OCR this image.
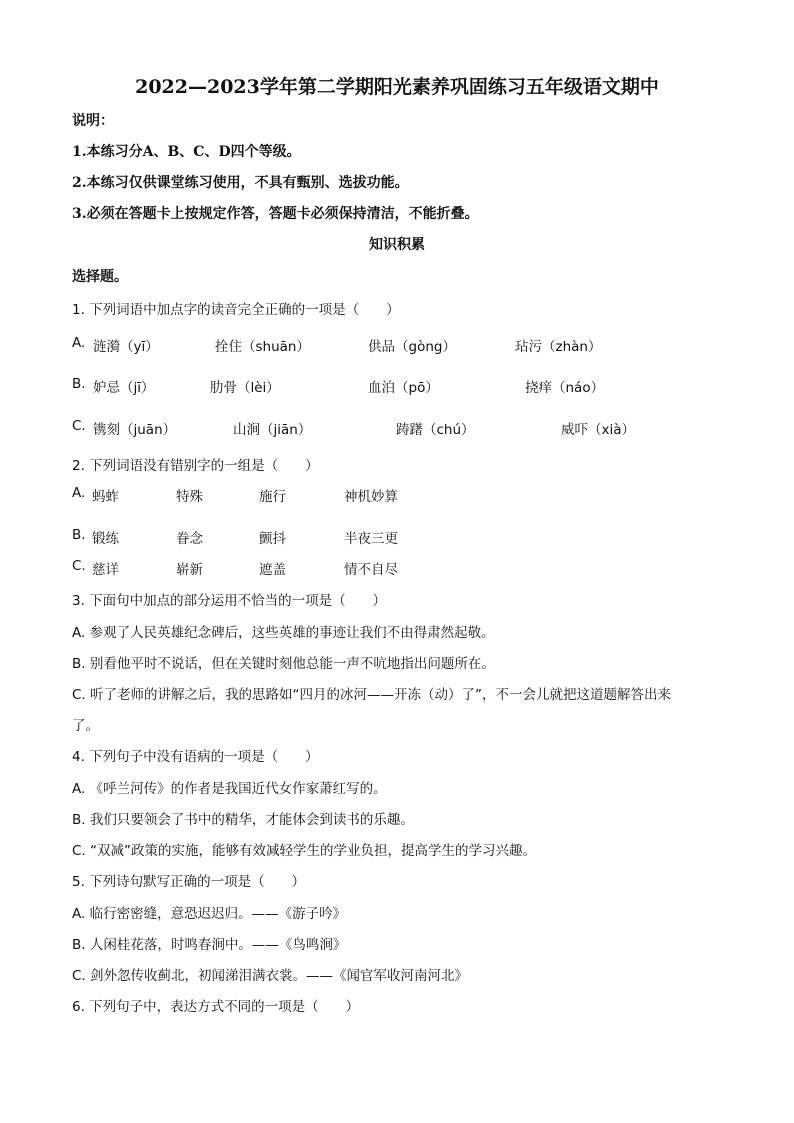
2022—2023学年第二学期阳光素养巩固练习五年级语文期中
说明：
1.本练习分A、B、C、D四个等级。
2.本练习仅供课堂练习使用，不具有甄别、选拔功能。
3.必须在答题卡上按规定作答，答题卡必须保持清洁，不能折叠。
知识积累
选择题。
1. 下列词语中加点字的读音完全正确的一项是（　　）
A. 涟漪（yī）	拴住（shuān）	供品（gòng）	玷污（zhàn）
B. 妒忌（jī）	肋骨（lèi）	血泊（pō）	挠痒（náo）
C. 镌刻（juān）	山涧（jiān）	踌躇（chú）	威吓（xià）
2. 下列词语没有错别字的一组是（　　）
A. 蚂蚱	特殊	施行	神机妙算
B. 锻练	眷念	颤抖	半夜三更
C. 慈详	崭新	遮盖	情不自尽
3. 下面句中加点的部分运用不恰当的一项是（　　）
A. 参观了人民英雄纪念碑后，这些英雄的事迹让我们不由得肃然起敬。
B. 别看他平时不说话，但在关键时刻他总能一声不吭地指出问题所在。
C. 听了老师的讲解之后，我的思路如“四月的冰河——开冻（动）了”，不一会儿就把这道题解答出来
了。
4. 下列句子中没有语病的一项是（　　）
A. 《呼兰河传》的作者是我国近代女作家萧红写的。
B. 我们只要领会了书中的精华，才能体会到读书的乐趣。
C. “双减”政策的实施，能够有效减轻学生的学业负担，提高学生的学习兴趣。
5. 下列诗句默写正确的一项是（　　）
A. 临行密密缝，意恐迟迟归。——《游子吟》
B. 人闲桂花落，时鸣春涧中。——《鸟鸣涧》
C. 剑外忽传收蓟北，初闻涕泪满衣裳。——《闻官军收河南河北》
6. 下列句子中，表达方式不同的一项是（　　）
